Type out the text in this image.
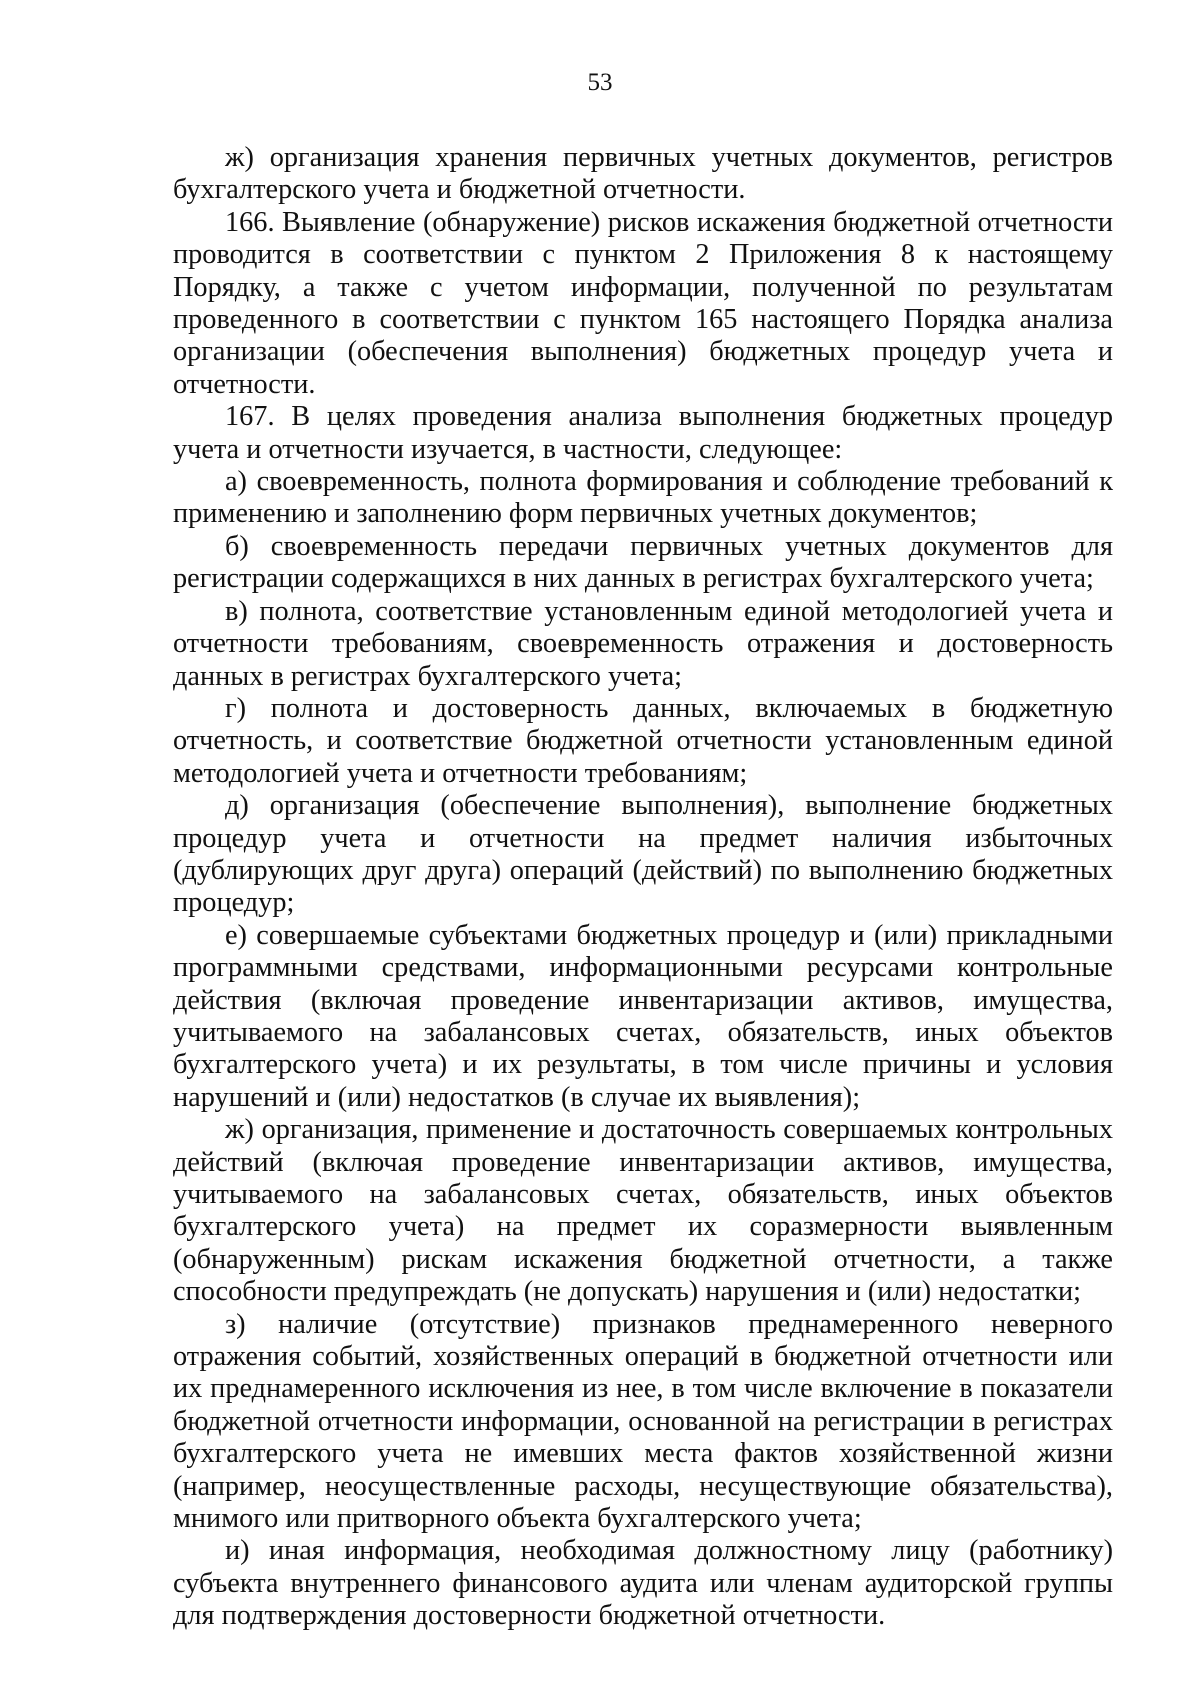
53

ж) организация хранения первичных учетных документов, регистров бухгалтерского учета и бюджетной отчетности.

166. Выявление (обнаружение) рисков искажения бюджетной отчетности проводится в соответствии с пунктом 2 Приложения 8 к настоящему Порядку, а также с учетом информации, полученной по результатам проведенного в соответствии с пунктом 165 настоящего Порядка анализа организации (обеспечения выполнения) бюджетных процедур учета и отчетности.

167. В целях проведения анализа выполнения бюджетных процедур учета и отчетности изучается, в частности, следующее:

а) своевременность, полнота формирования и соблюдение требований к применению и заполнению форм первичных учетных документов;

б) своевременность передачи первичных учетных документов для регистрации содержащихся в них данных в регистрах бухгалтерского учета;

в) полнота, соответствие установленным единой методологией учета и отчетности требованиям, своевременность отражения и достоверность данных в регистрах бухгалтерского учета;

г) полнота и достоверность данных, включаемых в бюджетную отчетность, и соответствие бюджетной отчетности установленным единой методологией учета и отчетности требованиям;

д) организация (обеспечение выполнения), выполнение бюджетных процедур учета и отчетности на предмет наличия избыточных (дублирующих друг друга) операций (действий) по выполнению бюджетных процедур;

е) совершаемые субъектами бюджетных процедур и (или) прикладными программными средствами, информационными ресурсами контрольные действия (включая проведение инвентаризации активов, имущества, учитываемого на забалансовых счетах, обязательств, иных объектов бухгалтерского учета) и их результаты, в том числе причины и условия нарушений и (или) недостатков (в случае их выявления);

ж) организация, применение и достаточность совершаемых контрольных действий (включая проведение инвентаризации активов, имущества, учитываемого на забалансовых счетах, обязательств, иных объектов бухгалтерского учета) на предмет их соразмерности выявленным (обнаруженным) рискам искажения бюджетной отчетности, а также способности предупреждать (не допускать) нарушения и (или) недостатки;

з) наличие (отсутствие) признаков преднамеренного неверного отражения событий, хозяйственных операций в бюджетной отчетности или их преднамеренного исключения из нее, в том числе включение в показатели бюджетной отчетности информации, основанной на регистрации в регистрах бухгалтерского учета не имевших места фактов хозяйственной жизни (например, неосуществленные расходы, несуществующие обязательства), мнимого или притворного объекта бухгалтерского учета;

и) иная информация, необходимая должностному лицу (работнику) субъекта внутреннего финансового аудита или членам аудиторской группы для подтверждения достоверности бюджетной отчетности.
